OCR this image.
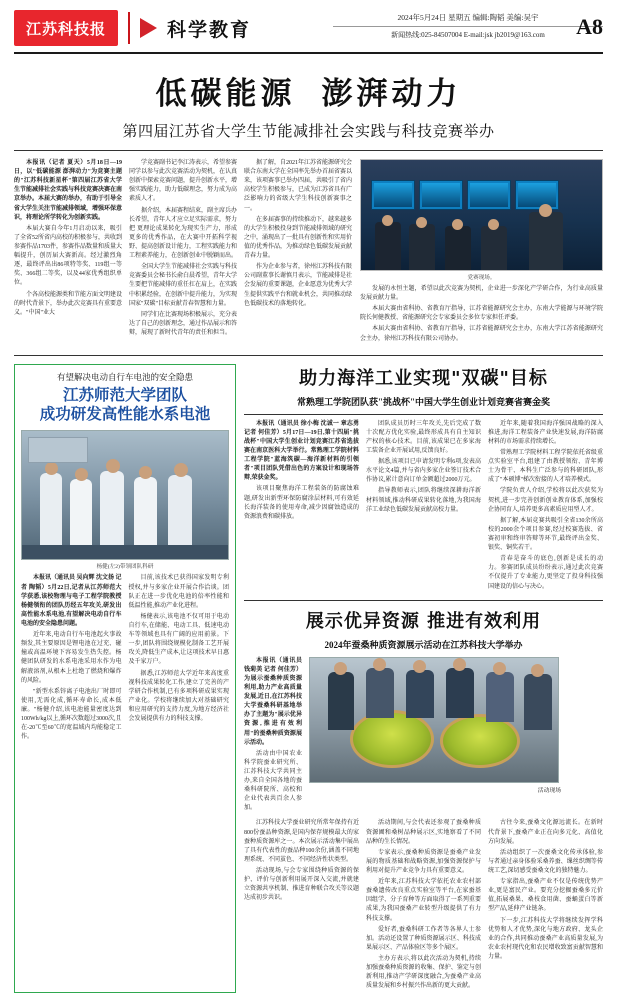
江苏科技报	科学教育
2024年5月24日 星期五 编辑:陶韬 美编:吴宇
新闻热线:025-84507004 E-mail:jsk jb2019@163.com	A8
低碳能源 澎湃动力
第四届江苏省大学生节能减排社会实践与科技竞赛举办

本报讯（记者 夏天）5月18日—19日，以"低碳能源 澎湃动力"为竞赛主题的"江苏科技新星杯"第四届江苏省大学生节能减排社会实践与科技竞赛决赛在南京举办。本届大赛的举办，有助于引导全省大学生关注节能减排领域，增强环保意识，将理论所学转化为创新实践。

本届大赛自今年1月启动以来，吸引了全省52所省内高校的积极参与，共收到参赛作品1703件，参赛作品数量和质量大幅提升，创历届大赛新高。经过激烈角逐，最终评出出86项特等奖、119组一等奖、366组二等奖，以及44家优秀组织单位。

个各高校能源类和节能方面文明建设的时代背景下，举办此次竞赛具有重要意义。"中国"业大

学竞赛副书记李江涛表示，希望参赛同学以参与此次竞赛活动为契机，在认真创新中探索竞赛问题，提升创新水平，增强实践能力，助力低碳理念，努力成为高素质人才。

据介绍，本届赛程结束，副主席兵办长希望，青年人才应立足实际需求，努力把 更理论成果转化为现实生产力，形成更多的优秀作品，在大赛中开拓科学视野、提高创新设计能力，工程实践能力和工程素养能力，在创新创业中脱颖而出。

全国大学生节能减排社会实践与科技竞赛委员会秘书长俞白晨希望，青年大学生要把节能减排的重任扛在肩上，在实践中积累经验，在创新中提升能力，为实现国家"双碳"目标贡献青春智慧和力量。

同学们在比赛现场积极展示，充分表达了自己的创新理念，通过作品展示和答辩，展现了新时代青年的责任和担当。

据了解，自2021年江苏省能源研究会联合东南大学在全国率先举办首届省赛以来，该项赛事已举办四届，共吸引了省内高校学生积极参与，已成为江苏省具有广泛影响力的省级大学生科技创新赛事之一。

在多届赛事的持续推动下，越来越多的大学生积极投身到节能减排领域的研究之中，涌现出了一批具有创新性和实用价值的优秀作品，为推动绿色低碳发展贡献青春力量。

作为企业参与者，徐州江苏科技有限公司副董事长谢慎月表示，节能减排是社会发展的重要课题，企业愿意为优秀大学生提供实践平台和就业机会，共同推动绿色低碳技术的落地转化。

党赛现场。

发展的永恒主题，希望以此次竞赛为契机，企业进一步深化产学研合作，为行业高质量发展贡献力量。

本届大赛由省科协、省教育厅指导，江苏省能源研究会主办，东南大学能源与环境学院院长何健教授、省能源研究会专家委员会多位专家担任评委。

本届大赛由省科协、省教育厅指导，江苏省能源研究会主办，东南大学江苏省能源研究会主办，徐州江苏科技有限公司协办。

有望解决电动自行车电池的安全隐患
江苏师范大学团队
成功研发高性能水系电池
杨健(左2)带领团队科研

本报讯（通讯员 吴向辉 沈文扬 记者 陶韬）5月22日,记者从江苏师范大学获悉,该校物理与电子工程学院教授杨健领衔的团队历经五年攻关,研发出高性能水系电池,有望解决电动自行车电池的安全隐患问题。

近年来,电动自行车电池起火事故频发,其主要原因是锂电池在过充、碰撞或高温环境下容易发生热失控。杨健团队研发的水系电池采用水作为电解液溶剂,从根本上杜绝了燃烧和爆炸的风险。

"新型水系锌离子电池出厂时即可使用,无需化成,循环寿命长,成本低廉。"杨健介绍,该电池能量密度达到100Wh/kg以上,循环次数超过3000次,且在-20℃至60℃的宽温域内均能稳定工作。

目前,该技术已获得国家发明专利授权,并与多家企业开展合作洽谈。团队正在进一步优化电池的倍率性能和低温性能,推动产业化进程。

杨健表示,该电池不仅可用于电动自行车,在储能、电动工具、低速电动车等领域也具有广阔的应用前景。下一步,团队将围绕规模化制备工艺开展攻关,降低生产成本,让这项技术早日惠及千家万户。

据悉,江苏师范大学近年来高度重视科技成果转化工作,建立了完善的产学研合作机制,已有多项科研成果实现产业化。学校将继续加大对基础研究和应用研究的支持力度,为地方经济社会发展提供有力的科技支撑。

助力海洋工业实现"双碳"目标
常熟理工学院团队获"挑战杯"中国大学生创业计划竞赛省赛金奖

本报讯（通讯员 徐小梅 沈诚一 章志勇 记者 何佳芳）5月17日—19日,第十四届"挑战杯"中国大学生创业计划竞赛江苏省选拔赛在南京医科大学举行。常熟理工学院材料工程学院"蓝海筑碳—海洋新材料的引领者"项目团队凭借出色的方案设计和现场答辩,荣获金奖。

该项目聚焦海洋工程装备的防腐蚀难题,研发出新型环保防腐涂层材料,可有效延长海洋装备的使用寿命,减少因腐蚀造成的资源浪费和碳排放。

团队成员历时三年攻关,先后完成了数十次配方优化实验,最终形成具有自主知识产权的核心技术。目前,该成果已在多家海工装备企业开展试用,反馈良好。

据悉,该项目已申请发明专利6项,发表高水平论文4篇,并与省内多家企业签订技术合作协议,累计意向订单金额超过2000万元。

指导教师表示,团队将继续深耕海洋新材料领域,推动科研成果转化落地,为我国海洋工业绿色低碳发展贡献高校力量。

近年来,随着我国海洋强国战略的深入推进,海洋工程装备产业快速发展,海洋防腐材料的市场需求持续增长。

常熟理工学院材料工程学院依托省级重点实验室平台,组建了由教授领衔、青年博士为骨干、本科生广泛参与的科研团队,形成了"本硕博"梯次衔接的人才培养模式。

学院负责人介绍,学校将以此次获奖为契机,进一步完善创新创业教育体系,加强校企协同育人,培养更多高素质应用型人才。

据了解,本届竞赛共吸引全省130余所高校的2000余个项目参赛,经过校赛选拔、省赛初审和终审答辩等环节,最终评出金奖、银奖、铜奖若干。

青春是奋斗的底色,创新是成长的动力。参赛团队成员纷纷表示,通过此次竞赛不仅提升了专业能力,更坚定了投身科技强国建设的信心与决心。

展示优异资源 推进有效利用
2024年蚕桑种质资源展示活动在江苏科技大学举办

本报讯（通讯员 钱菊美 记者 何佳芳）为展示蚕桑种质资源利用,助力产业高质量发展,近日,在江苏科技大学蚕桑科研基地举办了主题为"展示优异资源,推进有效利用"的蚕桑种质资源展示活动。

活动由中国农业科学院蚕业研究所、江苏科技大学共同主办,来自全国各地的蚕桑科研院所、高校和企业代表共百余人参加。

活动现场

江苏科技大学蚕业研究所常年保持有近800份蚕品种资源,是国内保存规模最大的家蚕种质资源库之一。本次展示活动集中展出了具有代表性的蚕品种100余份,涵盖不同地理系统、不同茧色、不同经济性状类型。

活动现场,与会专家围绕种质资源的保护、评价与创新利用展开深入交流,并就建立资源共享机制、推进育种联合攻关等议题达成初步共识。

活动期间,与会代表还参观了蚕桑种质资源圃和桑树品种展示区,实地察看了不同品种的生长情况。

专家表示,蚕桑种质资源是蚕桑产业发展的物质基础和战略资源,加强资源保护与利用对提升产业竞争力具有重要意义。

近年来,江苏科技大学依托农业农村部蚕桑遗传改良重点实验室等平台,在家蚕基因组学、分子育种等方面取得了一系列重要成果,为我国蚕桑产业转型升级提供了有力科技支撑。

爱好者,蚕桑科研工作者等各界人士参加。活动还设置了种质资源展示区、科技成果展示区、产品体验区等多个展区。

主办方表示,将以此次活动为契机,持续加强蚕桑种质资源的收集、保护、鉴定与创新利用,推动产学研深度融合,为蚕桑产业高质量发展和乡村振兴作出新的更大贡献。

古往今来,蚕桑文化源远流长。在新时代背景下,蚕桑产业正在向多元化、高值化方向发展。

活动组织了一次蚕桑文化传承体验,参与者通过亲身体验采桑养蚕、缫丝织绸等传统工艺,深切感受蚕桑文化的独特魅力。

专家指出,蚕桑产业不仅是传统优势产业,更是富民产业。要充分挖掘蚕桑多元价值,拓展桑果、桑枝食用菌、蚕蛹蛋白等新型产品,延伸产业链条。

下一步,江苏科技大学将继续发挥学科优势和人才优势,深化与地方政府、龙头企业的合作,共同推动蚕桑产业高质量发展,为农业农村现代化和农民增收致富贡献智慧和力量。
